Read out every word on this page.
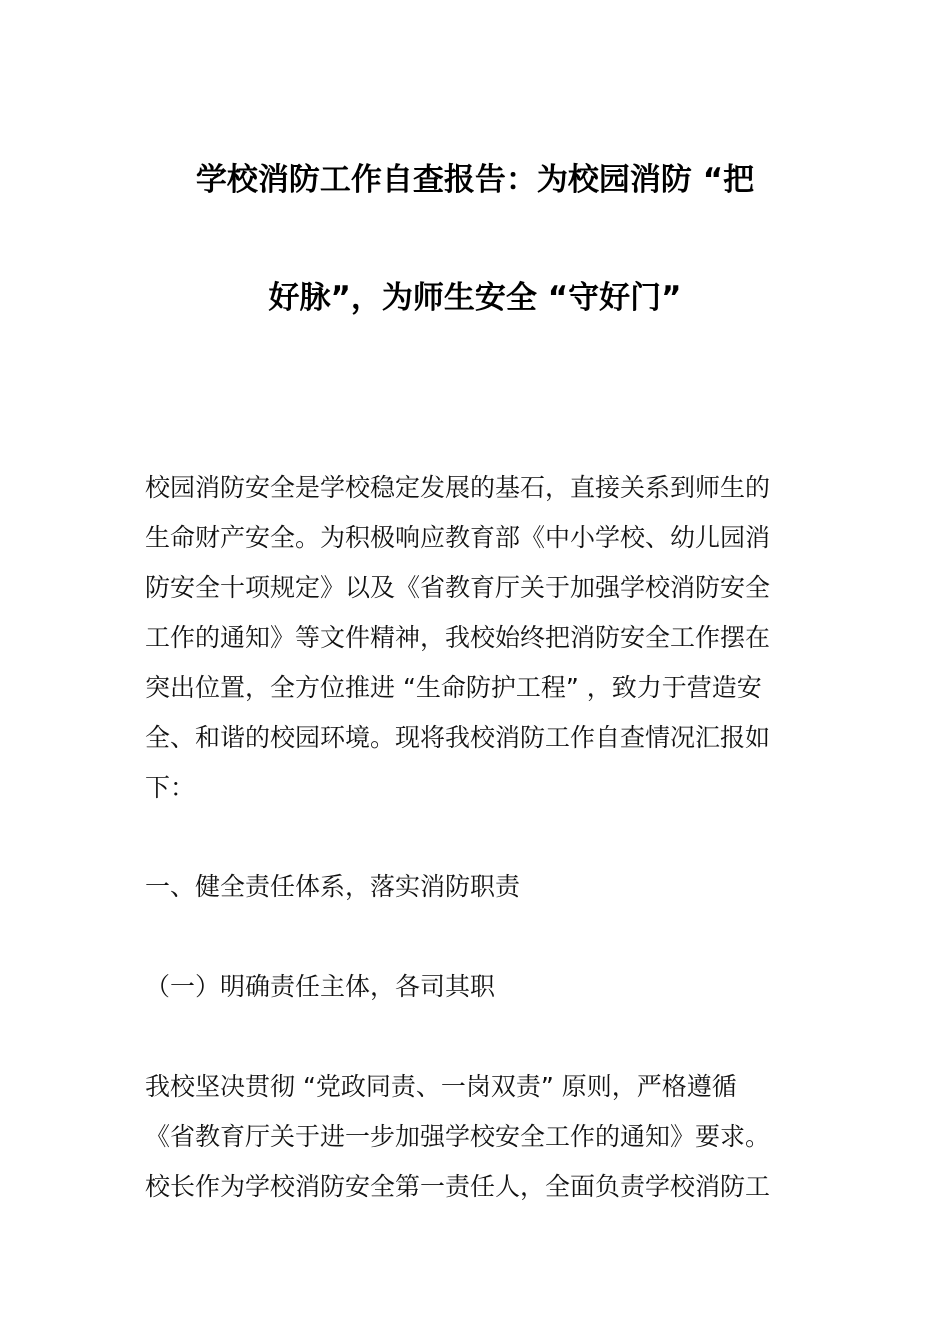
学校消防工作自查报告：为校园消防 “把
好脉”，为师生安全 “守好门”
校园消防安全是学校稳定发展的基石，直接关系到师生的
生命财产安全。为积极响应教育部《中小学校、幼儿园消
防安全十项规定》以及《省教育厅关于加强学校消防安全
工作的通知》等文件精神，我校始终把消防安全工作摆在
突出位置，全方位推进 “生命防护工程” ，致力于营造安
全、和谐的校园环境。现将我校消防工作自查情况汇报如
下：
一、健全责任体系，落实消防职责
（一）明确责任主体，各司其职
我校坚决贯彻 “党政同责、一岗双责” 原则，严格遵循
《省教育厅关于进一步加强学校安全工作的通知》要求。
校长作为学校消防安全第一责任人，全面负责学校消防工
